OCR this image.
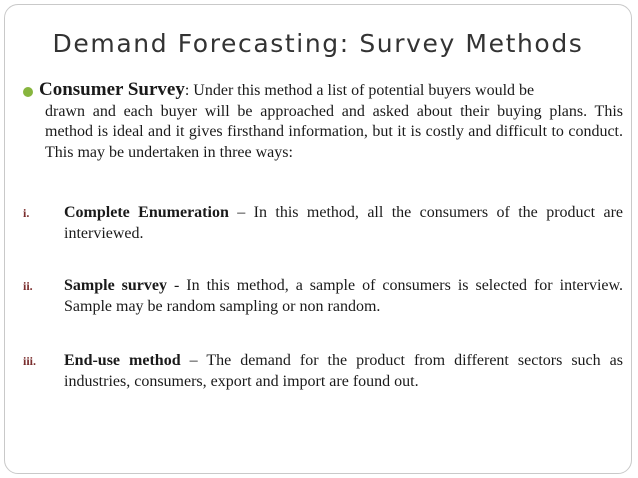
Demand Forecasting: Survey Methods
Consumer Survey: Under this method a list of potential buyers would be
drawn and each buyer will be approached and asked about their buying plans. This method is ideal and it gives firsthand information, but it is costly and difficult to conduct. This may be undertaken in three ways:
i. Complete Enumeration – In this method, all the consumers of the product are interviewed.
ii. Sample survey - In this method, a sample of consumers is selected for interview. Sample may be random sampling or non random.
iii. End-use method – The demand for the product from different sectors such as industries, consumers, export and import are found out.
